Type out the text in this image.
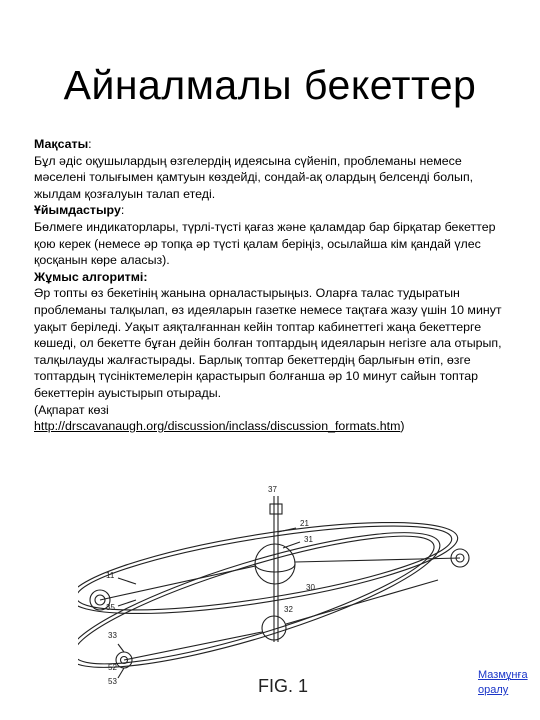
Айналмалы бекеттер

Мақсаты:

Бұл әдіс оқушылардың өзгелердің идеясына сүйеніп, проблеманы немесе мәселені толығымен қамтуын көздейді, сондай-ақ олардың белсенді болып, жылдам қозғалуын талап етеді.

Ұйымдастыру:

Бөлмеге индикаторлары, түрлі-түсті қағаз және қаламдар бар бірқатар бекеттер қою керек (немесе әр топқа әр түсті қалам беріңіз, осылайша кім қандай үлес қосқанын көре аласыз).

Жұмыс алгоритмі:

Әр топты өз бекетінің жанына орналастырыңыз. Оларға талас тудыратын проблеманы талқылап, өз идеяларын газетке немесе тақтаға жазу үшін 10 минут уақыт беріледі. Уақыт аяқталғаннан кейін топтар кабинеттегі жаңа бекеттерге көшеді, ол бекетте бұған дейін болған топтардың идеяларын негізге ала отырып, талқылауды жалғастырады. Барлық топтар бекеттердің барлығын өтіп, өзге топтардың түсініктемелерін қарастырып болғанша әр 10 минут сайын топтар бекеттерін ауыстырып отырады.

(Ақпарат көзі

http://drscavanaugh.org/discussion/inclass/discussion_formats.htm)

37
21
31
30
32
11
35
33
53
52
FIG. 1
Мазмұнға оралу
